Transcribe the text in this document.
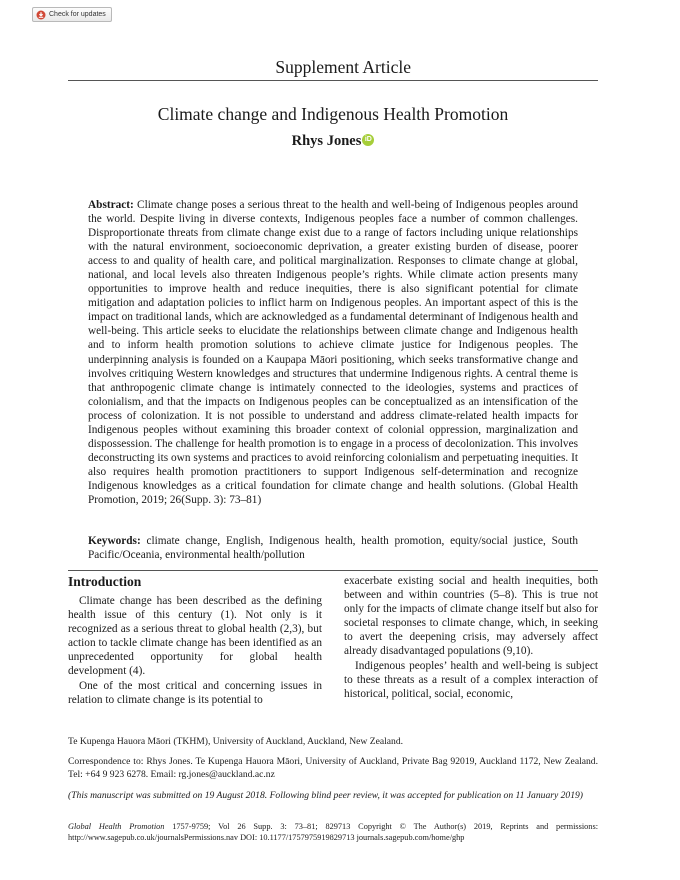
Check for updates
Supplement Article
Climate change and Indigenous Health Promotion
Rhys Jones iD

Abstract: Climate change poses a serious threat to the health and well-being of Indigenous peoples around the world. Despite living in diverse contexts, Indigenous peoples face a number of common challenges. Disproportionate threats from climate change exist due to a range of factors including unique relationships with the natural environment, socioeconomic deprivation, a greater existing burden of disease, poorer access to and quality of health care, and political marginalization. Responses to climate change at global, national, and local levels also threaten Indigenous people’s rights. While climate action presents many opportunities to improve health and reduce inequities, there is also significant potential for climate mitigation and adaptation policies to inflict harm on Indigenous peoples. An important aspect of this is the impact on traditional lands, which are acknowledged as a fundamental determinant of Indigenous health and well-being. This article seeks to elucidate the relationships between climate change and Indigenous health and to inform health promotion solutions to achieve climate justice for Indigenous peoples. The underpinning analysis is founded on a Kaupapa Māori positioning, which seeks transformative change and involves critiquing Western knowledges and structures that undermine Indigenous rights. A central theme is that anthropogenic climate change is intimately connected to the ideologies, systems and practices of colonialism, and that the impacts on Indigenous peoples can be conceptualized as an intensification of the process of colonization. It is not possible to understand and address climate-related health impacts for Indigenous peoples without examining this broader context of colonial oppression, marginalization and dispossession. The challenge for health promotion is to engage in a process of decolonization. This involves deconstructing its own systems and practices to avoid reinforcing colonialism and perpetuating inequities. It also requires health promotion practitioners to support Indigenous self-determination and recognize Indigenous knowledges as a critical foundation for climate change and health solutions. (Global Health Promotion, 2019; 26(Supp. 3): 73–81)

Keywords: climate change, English, Indigenous health, health promotion, equity/social justice, South Pacific/Oceania, environmental health/pollution

Introduction

Climate change has been described as the defining health issue of this century (1). Not only is it recognized as a serious threat to global health (2,3), but action to tackle climate change has been identified as an unprecedented opportunity for global health development (4).

One of the most critical and concerning issues in relation to climate change is its potential to

exacerbate existing social and health inequities, both between and within countries (5–8). This is true not only for the impacts of climate change itself but also for societal responses to climate change, which, in seeking to avert the deepening crisis, may adversely affect already disadvantaged populations (9,10).

Indigenous peoples’ health and well-being is subject to these threats as a result of a complex interaction of historical, political, social, economic,

Te Kupenga Hauora Māori (TKHM), University of Auckland, Auckland, New Zealand.

Correspondence to: Rhys Jones. Te Kupenga Hauora Māori, University of Auckland, Private Bag 92019, Auckland 1172, New Zealand. Tel: +64 9 923 6278. Email: rg.jones@auckland.ac.nz

(This manuscript was submitted on 19 August 2018. Following blind peer review, it was accepted for publication on 11 January 2019)

Global Health Promotion 1757-9759; Vol 26 Supp. 3: 73–81; 829713 Copyright © The Author(s) 2019, Reprints and permissions: http://www.sagepub.co.uk/journalsPermissions.nav DOI: 10.1177/1757975919829713 journals.sagepub.com/home/ghp
